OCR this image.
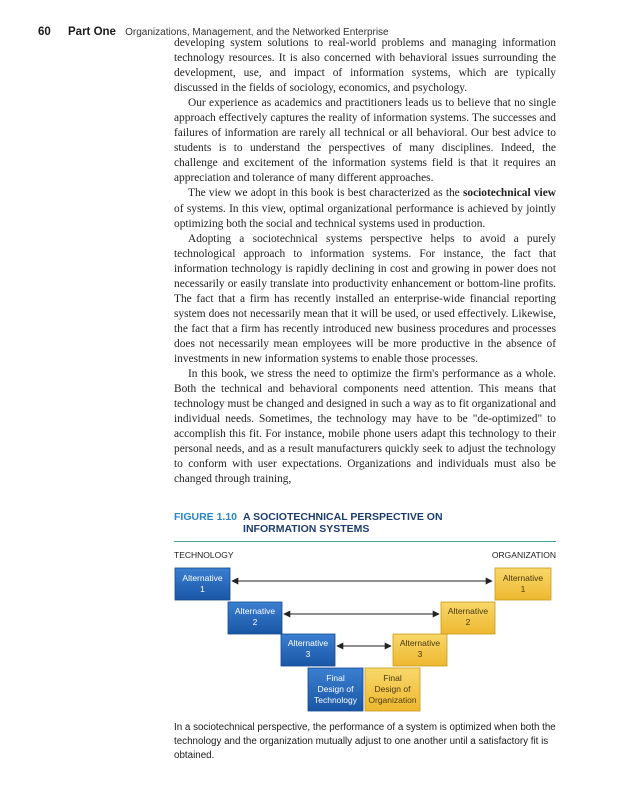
60 Part One Organizations, Management, and the Networked Enterprise

developing system solutions to real-world problems and managing information technology resources. It is also concerned with behavioral issues surrounding the development, use, and impact of information systems, which are typically discussed in the fields of sociology, economics, and psychology.

Our experience as academics and practitioners leads us to believe that no single approach effectively captures the reality of information systems. The successes and failures of information are rarely all technical or all behavioral. Our best advice to students is to understand the perspectives of many disciplines. Indeed, the challenge and excitement of the information systems field is that it requires an appreciation and tolerance of many different approaches.

The view we adopt in this book is best characterized as the sociotechnical view of systems. In this view, optimal organizational performance is achieved by jointly optimizing both the social and technical systems used in production.

Adopting a sociotechnical systems perspective helps to avoid a purely technological approach to information systems. For instance, the fact that information technology is rapidly declining in cost and growing in power does not necessarily or easily translate into productivity enhancement or bottom-line profits. The fact that a firm has recently installed an enterprise-wide financial reporting system does not necessarily mean that it will be used, or used effectively. Likewise, the fact that a firm has recently introduced new business procedures and processes does not necessarily mean employees will be more productive in the absence of investments in new information systems to enable those processes.

In this book, we stress the need to optimize the firm's performance as a whole. Both the technical and behavioral components need attention. This means that technology must be changed and designed in such a way as to fit organizational and individual needs. Sometimes, the technology may have to be "de-optimized" to accomplish this fit. For instance, mobile phone users adapt this technology to their personal needs, and as a result manufacturers quickly seek to adjust the technology to conform with user expectations. Organizations and individuals must also be changed through training,

FIGURE 1.10 A SOCIOTECHNICAL PERSPECTIVE ON INFORMATION SYSTEMS
TECHNOLOGY	ORGANIZATION
Alternative
1
Alternative
2
Alternative
3
Final
Design of
Technology
Alternative
1
Alternative
2
Alternative
3
Final
Design of
Organization
In a sociotechnical perspective, the performance of a system is optimized when both the technology and the organization mutually adjust to one another until a satisfactory fit is obtained.
